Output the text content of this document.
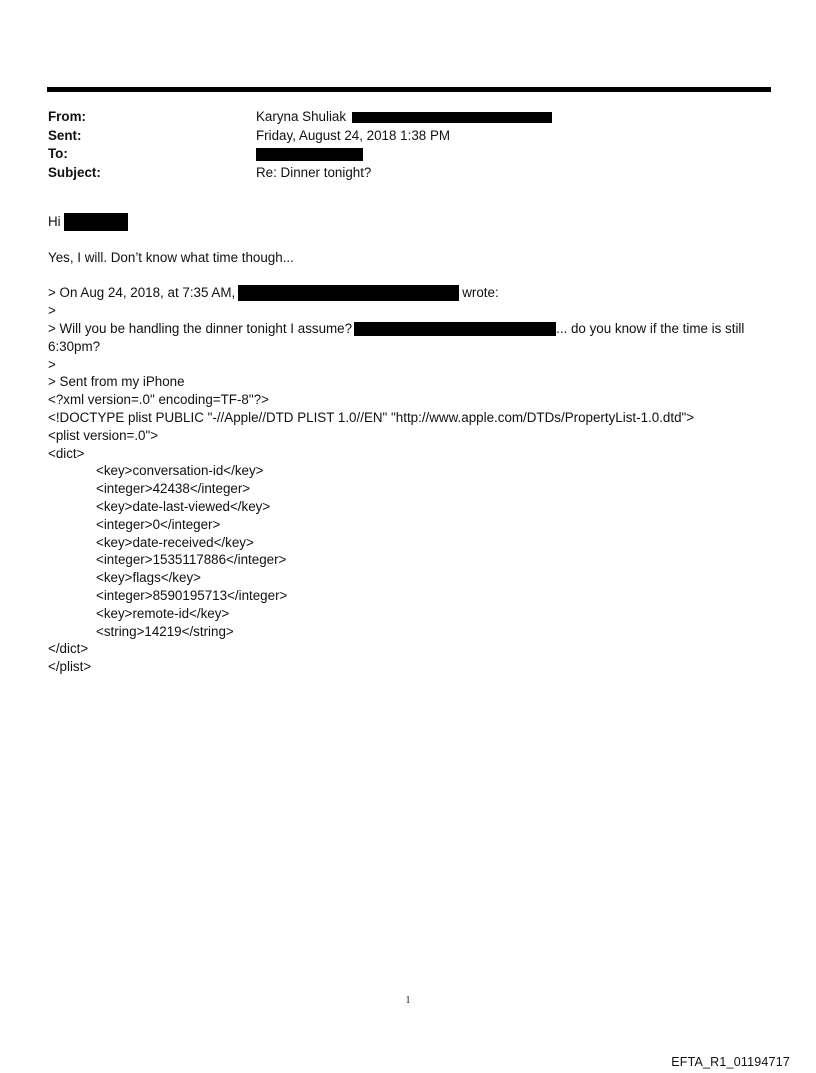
From:	Karyna Shuliak
Sent:	Friday, August 24, 2018 1:38 PM
To:
Subject:	Re: Dinner tonight?
Hi
Yes, I will. Don’t know what time though...
> On Aug 24, 2018, at 7:35 AM,	wrote:
>
> Will you be handling the dinner tonight I assume?	... do you know if the time is still
6:30pm?
>
> Sent from my iPhone
<?xml version=.0" encoding=TF-8"?>
<!DOCTYPE plist PUBLIC "-//Apple//DTD PLIST 1.0//EN" "http://www.apple.com/DTDs/PropertyList-1.0.dtd">
<plist version=.0">
<dict>
<key>conversation-id</key>
<integer>42438</integer>
<key>date-last-viewed</key>
<integer>0</integer>
<key>date-received</key>
<integer>1535117886</integer>
<key>flags</key>
<integer>8590195713</integer>
<key>remote-id</key>
<string>14219</string>
</dict>
</plist>
1
EFTA_R1_01194717
